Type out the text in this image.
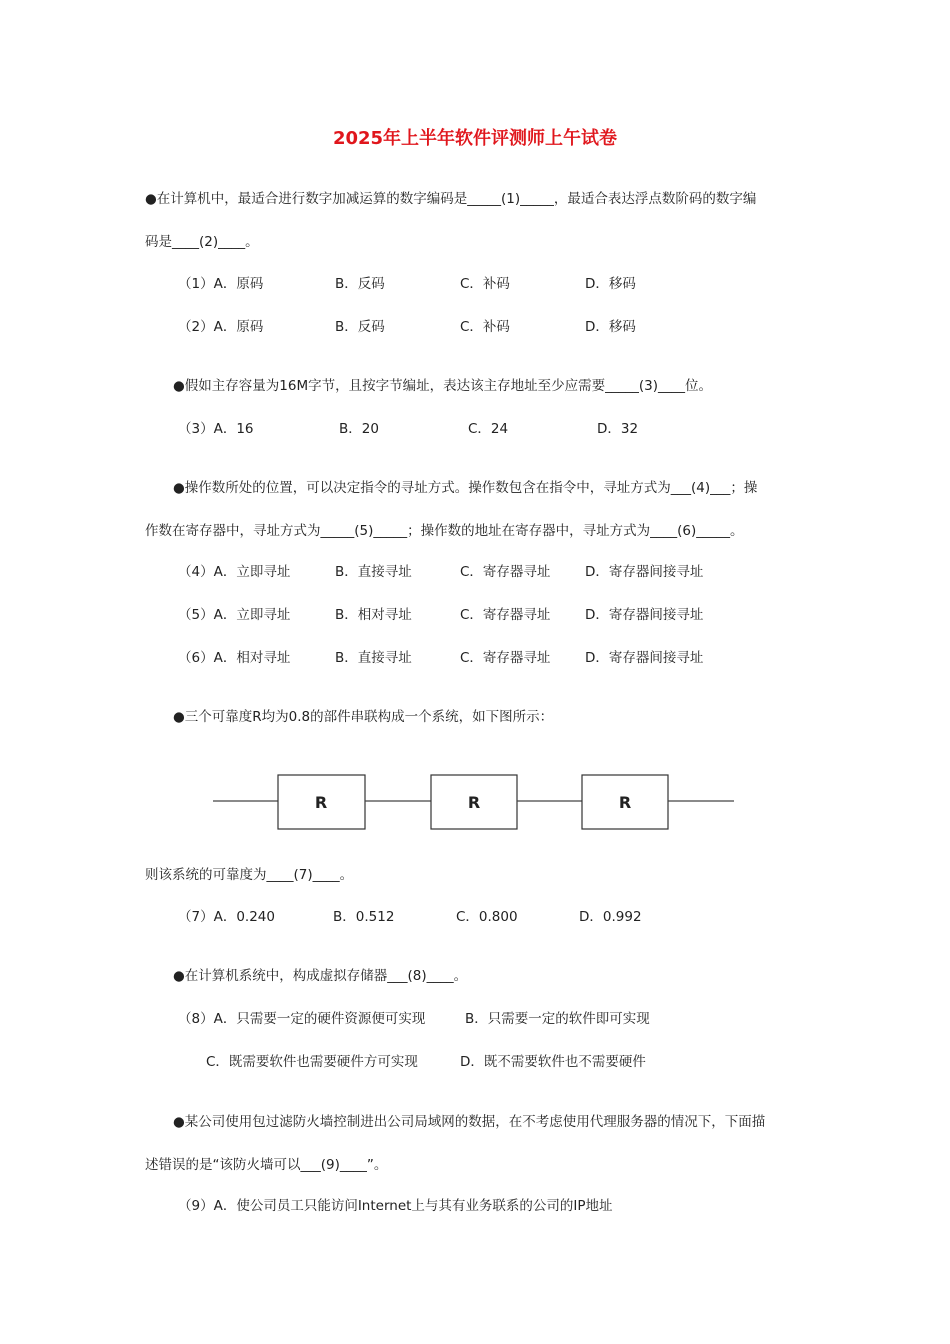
2025年上半年软件评测师上午试卷
●在计算机中，最适合进行数字加减运算的数字编码是_____(1)_____，最适合表达浮点数阶码的数字编
码是____(2)____。
（1）A．原码	B．反码	C．补码	D．移码
（2）A．原码	B．反码	C．补码	D．移码
●假如主存容量为16M字节，且按字节编址，表达该主存地址至少应需要_____(3)____位。
（3）A．16	B．20	C．24	D．32
●操作数所处的位置，可以决定指令的寻址方式。操作数包含在指令中，寻址方式为___(4)___；操
作数在寄存器中，寻址方式为_____(5)_____；操作数的地址在寄存器中，寻址方式为____(6)_____。
（4）A．立即寻址	B．直接寻址	C．寄存器寻址	D．寄存器间接寻址
（5）A．立即寻址	B．相对寻址	C．寄存器寻址	D．寄存器间接寻址
（6）A．相对寻址	B．直接寻址	C．寄存器寻址	D．寄存器间接寻址
●三个可靠度R均为0.8的部件串联构成一个系统，如下图所示：
R	R	R
则该系统的可靠度为____(7)____。
（7）A．0.240	B．0.512	C．0.800	D．0.992
●在计算机系统中，构成虚拟存储器___(8)____。
（8）A．只需要一定的硬件资源便可实现	B．只需要一定的软件即可实现
C．既需要软件也需要硬件方可实现	D．既不需要软件也不需要硬件
●某公司使用包过滤防火墙控制进出公司局域网的数据，在不考虑使用代理服务器的情况下，下面描
述错误的是“该防火墙可以___(9)____”。
（9）A．使公司员工只能访问Internet上与其有业务联系的公司的IP地址
